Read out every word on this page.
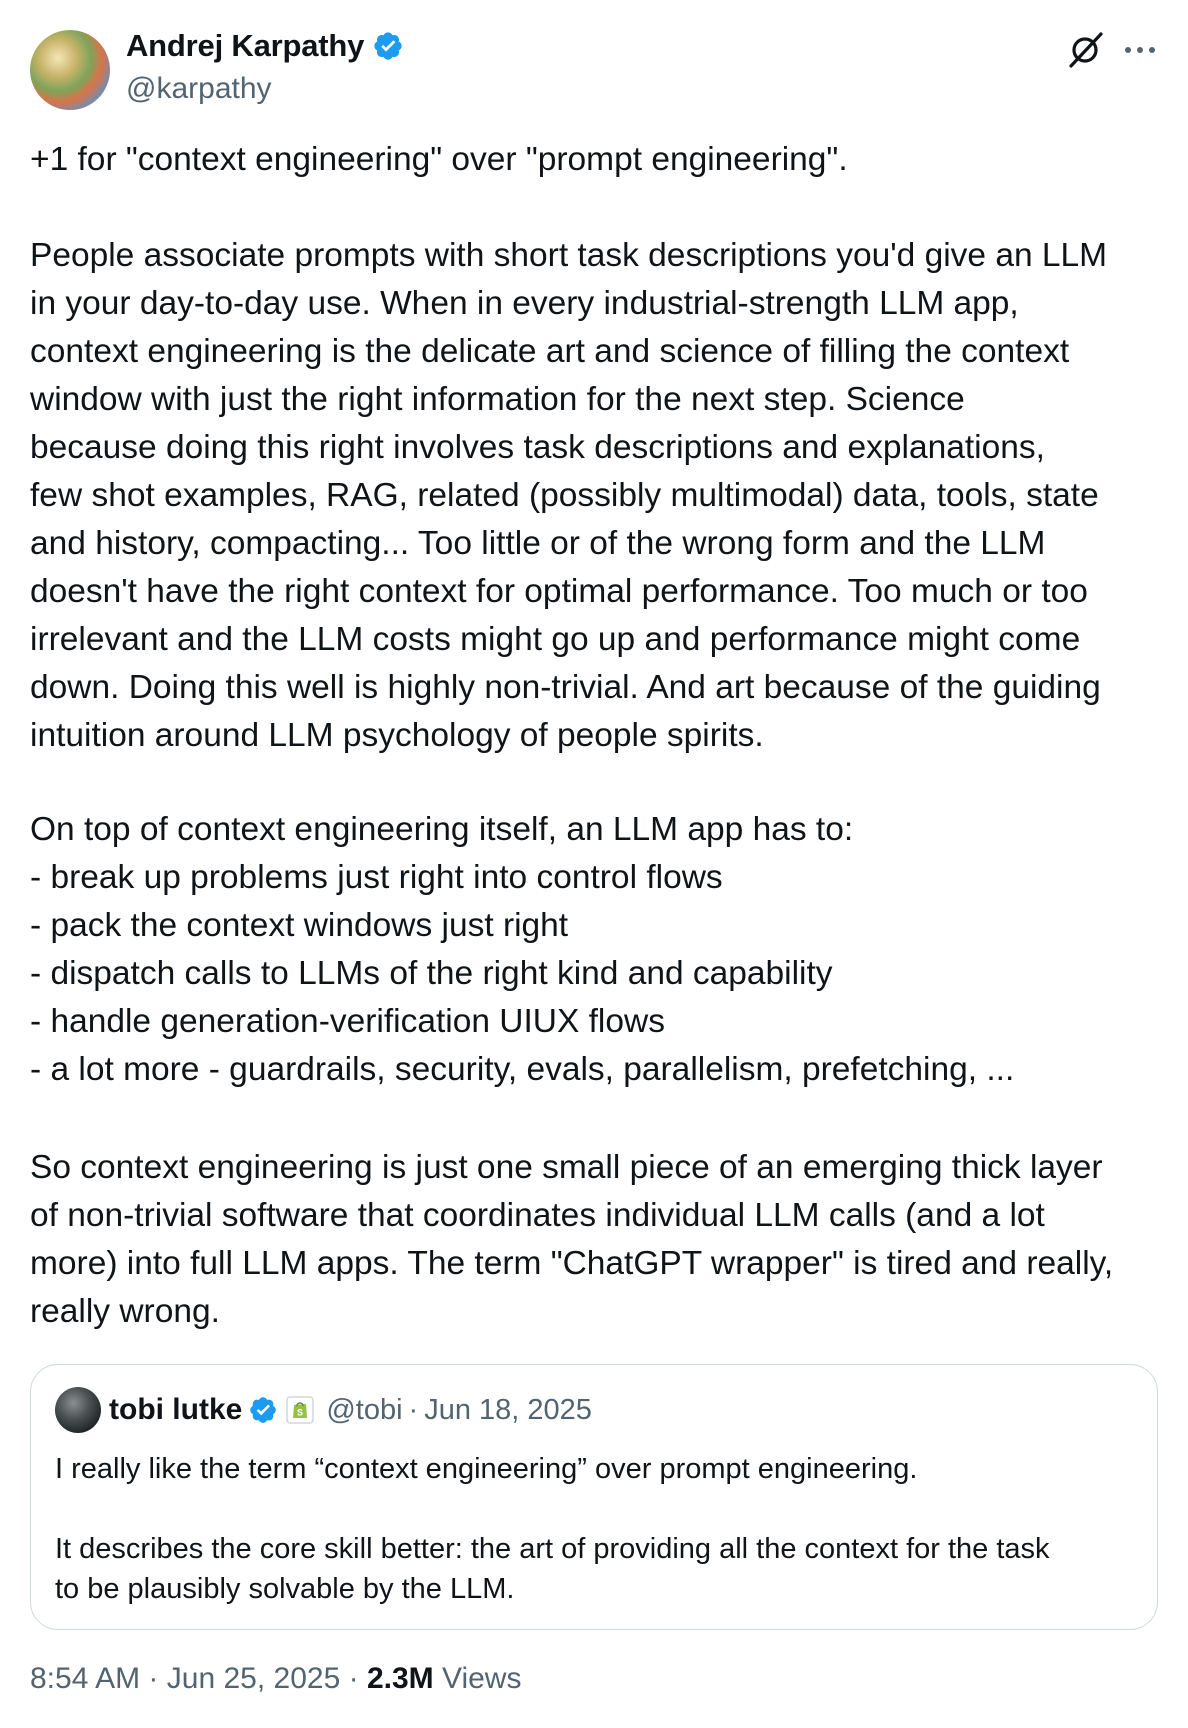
Andrej Karpathy
@karpathy
+1 for "context engineering" over "prompt engineering".
People associate prompts with short task descriptions you'd give an LLM
in your day-to-day use. When in every industrial-strength LLM app,
context engineering is the delicate art and science of filling the context
window with just the right information for the next step. Science
because doing this right involves task descriptions and explanations,
few shot examples, RAG, related (possibly multimodal) data, tools, state
and history, compacting... Too little or of the wrong form and the LLM
doesn't have the right context for optimal performance. Too much or too
irrelevant and the LLM costs might go up and performance might come
down. Doing this well is highly non-trivial. And art because of the guiding
intuition around LLM psychology of people spirits.
On top of context engineering itself, an LLM app has to:
- break up problems just right into control flows
- pack the context windows just right
- dispatch calls to LLMs of the right kind and capability
- handle generation-verification UIUX flows
- a lot more - guardrails, security, evals, parallelism, prefetching, ...
So context engineering is just one small piece of an emerging thick layer
of non-trivial software that coordinates individual LLM calls (and a lot
more) into full LLM apps. The term "ChatGPT wrapper" is tired and really,
really wrong.
tobi lutke	S @tobi · Jun 18, 2025
I really like the term “context engineering” over prompt engineering.
It describes the core skill better: the art of providing all the context for the task
to be plausibly solvable by the LLM.
8:54 AM · Jun 25, 2025 · 2.3M Views
